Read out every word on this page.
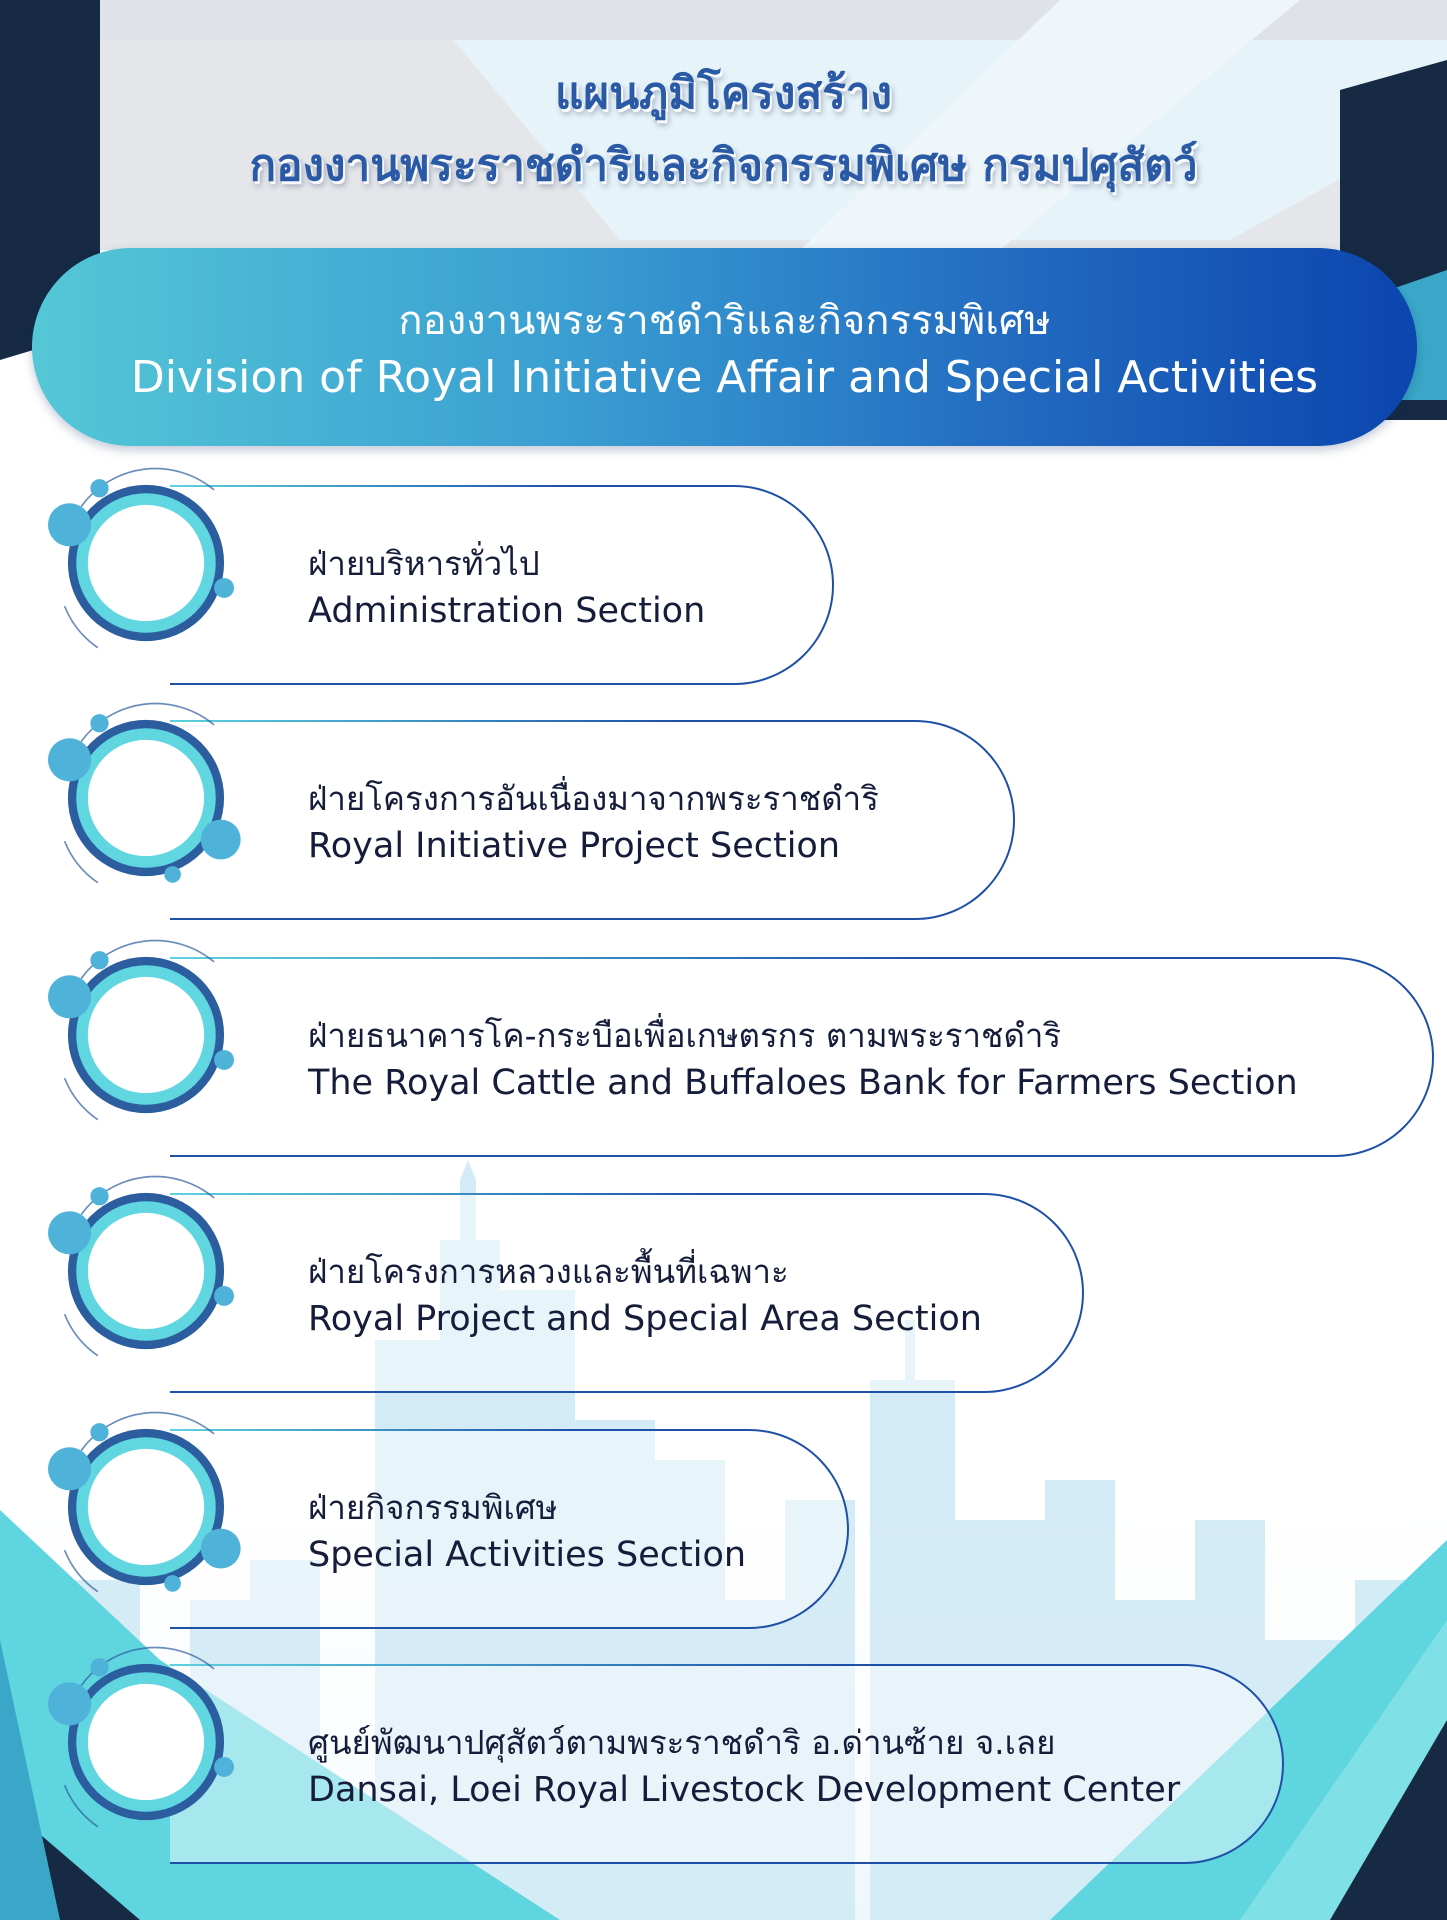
แผนภูมิโครงสร้าง
กองงานพระราชดำริและกิจกรรมพิเศษ กรมปศุสัตว์
กองงานพระราชดำริและกิจกรรมพิเศษ
Division of Royal Initiative Affair and Special Activities
ฝ่ายบริหารทั่วไป
Administration Section
ฝ่ายโครงการอันเนื่องมาจากพระราชดำริ
Royal Initiative Project Section
ฝ่ายธนาคารโค-กระบือเพื่อเกษตรกร ตามพระราชดำริ
The Royal Cattle and Buffaloes Bank for Farmers Section
ฝ่ายโครงการหลวงและพื้นที่เฉพาะ
Royal Project and Special Area Section
ฝ่ายกิจกรรมพิเศษ
Special Activities Section
ศูนย์พัฒนาปศุสัตว์ตามพระราชดำริ อ.ด่านซ้าย จ.เลย
Dansai, Loei Royal Livestock Development Center
